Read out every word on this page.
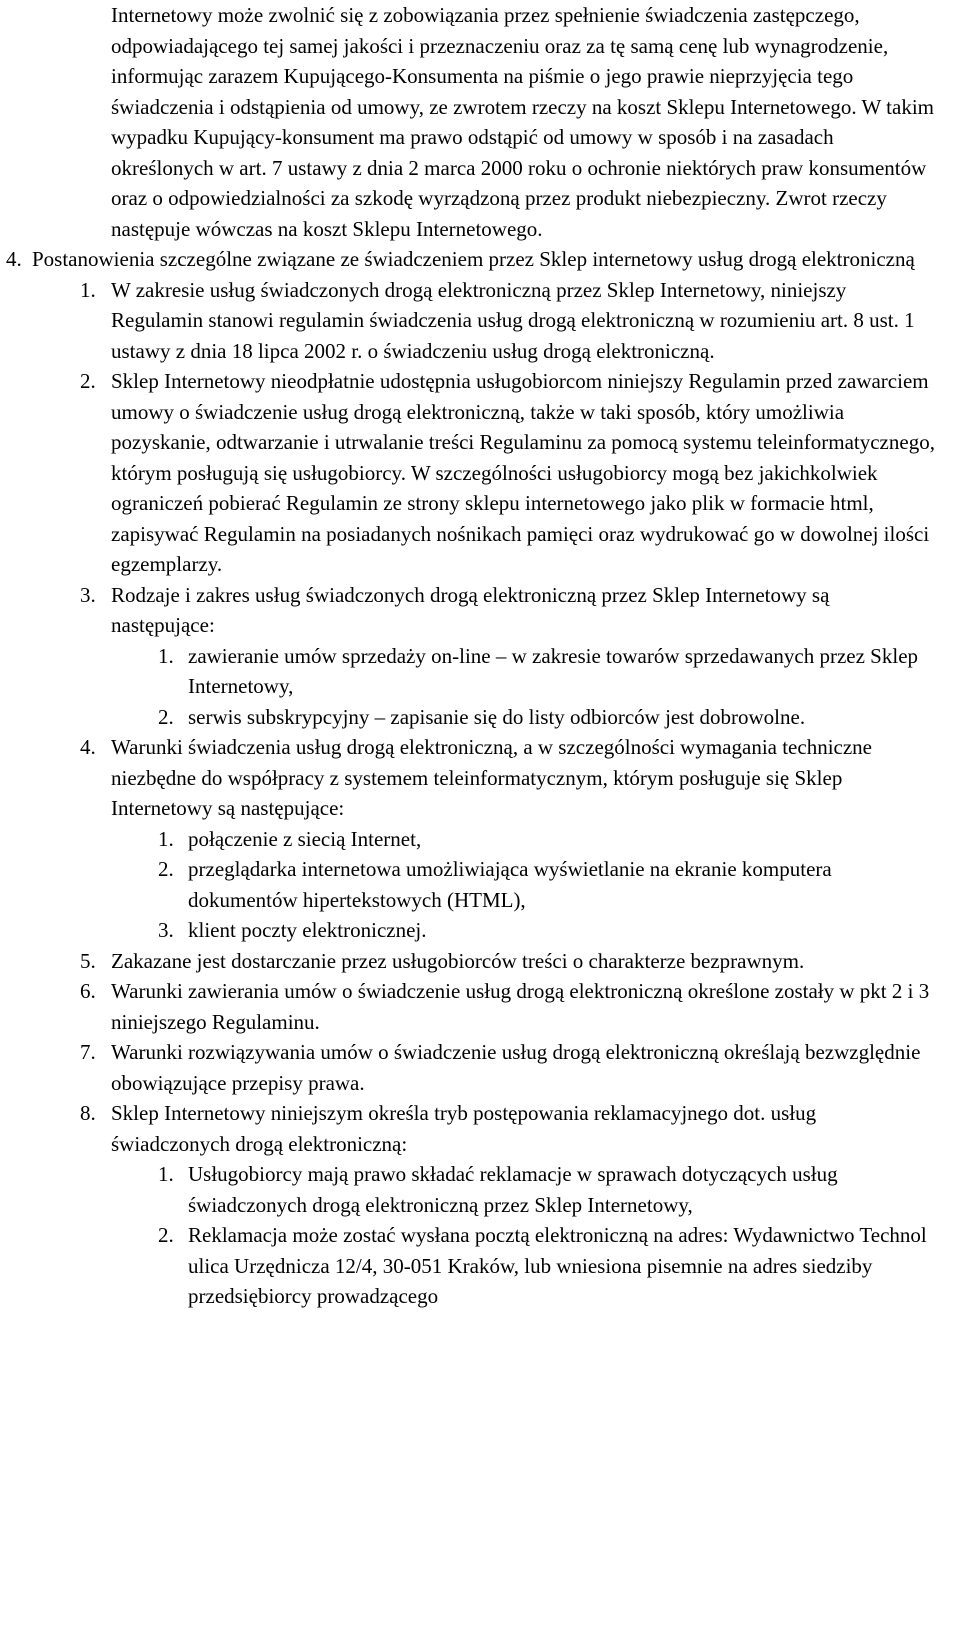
Internetowy może zwolnić się z zobowiązania przez spełnienie świadczenia zastępczego, odpowiadającego tej samej jakości i przeznaczeniu oraz za tę samą cenę lub wynagrodzenie, informując zarazem Kupującego-Konsumenta na piśmie o jego prawie nieprzyjęcia tego świadczenia i odstąpienia od umowy, ze zwrotem rzeczy na koszt Sklepu Internetowego. W takim wypadku Kupujący-konsument ma prawo odstąpić od umowy w sposób i na zasadach określonych w art. 7 ustawy z dnia 2 marca 2000 roku o ochronie niektórych praw konsumentów oraz o odpowiedzialności za szkodę wyrządzoną przez produkt niebezpieczny. Zwrot rzeczy następuje wówczas na koszt Sklepu Internetowego.
4. Postanowienia szczególne związane ze świadczeniem przez Sklep internetowy usług drogą elektroniczną
1. W zakresie usług świadczonych drogą elektroniczną przez Sklep Internetowy, niniejszy Regulamin stanowi regulamin świadczenia usług drogą elektroniczną w rozumieniu art. 8 ust. 1 ustawy z dnia 18 lipca 2002 r. o świadczeniu usług drogą elektroniczną.
2. Sklep Internetowy nieodpłatnie udostępnia usługobiorcom niniejszy Regulamin przed zawarciem umowy o świadczenie usług drogą elektroniczną, także w taki sposób, który umożliwia pozyskanie, odtwarzanie i utrwalanie treści Regulaminu za pomocą systemu teleinformatycznego, którym posługują się usługobiorcy. W szczególności usługobiorcy mogą bez jakichkolwiek ograniczeń pobierać Regulamin ze strony sklepu internetowego jako plik w formacie html, zapisywać Regulamin na posiadanych nośnikach pamięci oraz wydrukować go w dowolnej ilości egzemplarzy.
3. Rodzaje i zakres usług świadczonych drogą elektroniczną przez Sklep Internetowy są następujące:
1. zawieranie umów sprzedaży on-line – w zakresie towarów sprzedawanych przez Sklep Internetowy,
2. serwis subskrypcyjny – zapisanie się do listy odbiorców jest dobrowolne.
4. Warunki świadczenia usług drogą elektroniczną, a w szczególności wymagania techniczne niezbędne do współpracy z systemem teleinformatycznym, którym posługuje się Sklep Internetowy są następujące:
1. połączenie z siecią Internet,
2. przeglądarka internetowa umożliwiająca wyświetlanie na ekranie komputera dokumentów hipertekstowych (HTML),
3. klient poczty elektronicznej.
5. Zakazane jest dostarczanie przez usługobiorców treści o charakterze bezprawnym.
6. Warunki zawierania umów o świadczenie usług drogą elektroniczną określone zostały w pkt 2 i 3 niniejszego Regulaminu.
7. Warunki rozwiązywania umów o świadczenie usług drogą elektroniczną określają bezwzględnie obowiązujące przepisy prawa.
8. Sklep Internetowy niniejszym określa tryb postępowania reklamacyjnego dot. usług świadczonych drogą elektroniczną:
1. Usługobiorcy mają prawo składać reklamacje w sprawach dotyczących usług świadczonych drogą elektroniczną przez Sklep Internetowy,
2. Reklamacja może zostać wysłana pocztą elektroniczną na adres: Wydawnictwo Technol ulica Urzędnicza 12/4, 30-051 Kraków, lub wniesiona pisemnie na adres siedziby przedsiębiorcy prowadzącego
